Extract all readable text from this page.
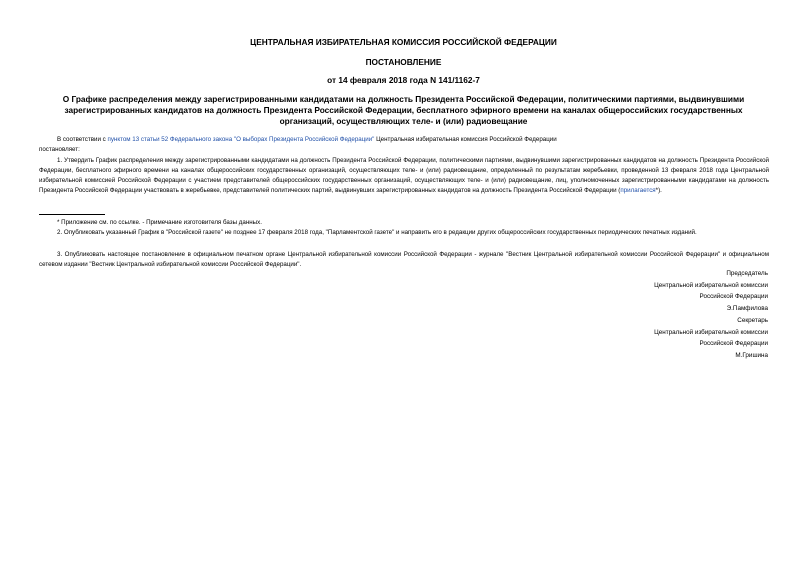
ЦЕНТРАЛЬНАЯ ИЗБИРАТЕЛЬНАЯ КОМИССИЯ РОССИЙСКОЙ ФЕДЕРАЦИИ
ПОСТАНОВЛЕНИЕ
от 14 февраля 2018 года N 141/1162-7
О Графике распределения между зарегистрированными кандидатами на должность Президента Российской Федерации, политическими партиями, выдвинувшими зарегистрированных кандидатов на должность Президента Российской Федерации, бесплатного эфирного времени на каналах общероссийских государственных организаций, осуществляющих теле- и (или) радиовещание
В соответствии с пунктом 13 статьи 52 Федерального закона "О выборах Президента Российской Федерации" Центральная избирательная комиссия Российской Федерации
постановляет:
1. Утвердить График распределения между зарегистрированными кандидатами на должность Президента Российской Федерации, политическими партиями, выдвинувшими зарегистрированных кандидатов на должность Президента Российской Федерации, бесплатного эфирного времени на каналах общероссийских государственных организаций, осуществляющих теле- и (или) радиовещание, определенный по результатам жеребьевки, проведенной 13 февраля 2018 года Центральной избирательной комиссией Российской Федерации с участием представителей общероссийских государственных организаций, осуществляющих теле- и (или) радиовещание, лиц, уполномоченных зарегистрированными кандидатами на должность Президента Российской Федерации участвовать в жеребьевке, представителей политических партий, выдвинувших зарегистрированных кандидатов на должность Президента Российской Федерации (прилагается*).
* Приложение см. по ссылке. - Примечание изготовителя базы данных.
2. Опубликовать указанный График в "Российской газете" не позднее 17 февраля 2018 года, "Парламентской газете" и направить его в редакции других общероссийских государственных периодических печатных изданий.
3. Опубликовать настоящее постановление в официальном печатном органе Центральной избирательной комиссии Российской Федерации - журнале "Вестник Центральной избирательной комиссии Российской Федерации" и официальном сетевом издании "Вестник Центральной избирательной комиссии Российской Федерации".
Председатель
Центральной избирательной комиссии
Российской Федерации
Э.Памфилова
Секретарь
Центральной избирательной комиссии
Российской Федерации
М.Гришина
